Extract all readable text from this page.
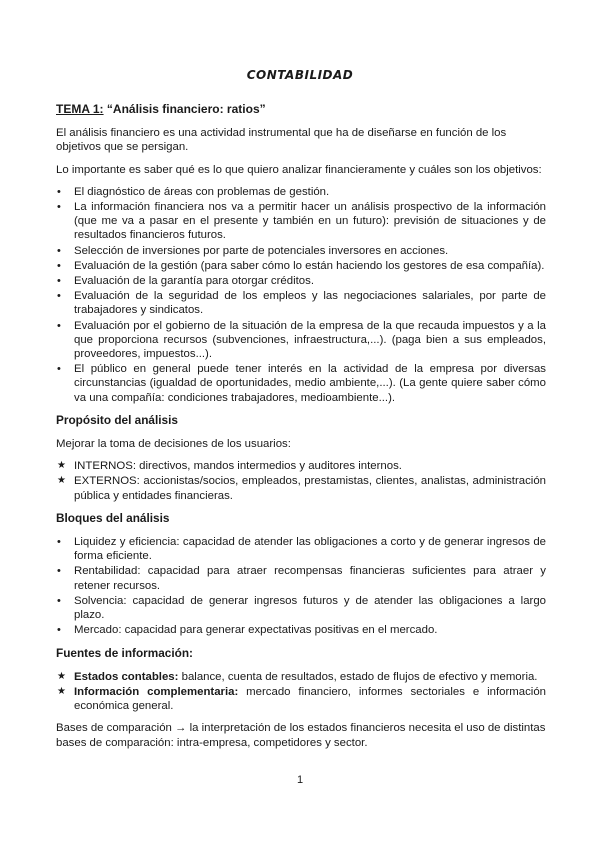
CONTABILIDAD
TEMA 1: “Análisis financiero: ratios”

El análisis financiero es una actividad instrumental que ha de diseñarse en función de los objetivos que se persigan.

Lo importante es saber qué es lo que quiero analizar financieramente y cuáles son los objetivos:

• El diagnóstico de áreas con problemas de gestión.
• La información financiera nos va a permitir hacer un análisis prospectivo de la información (que me va a pasar en el presente y también en un futuro): previsión de situaciones y de resultados financieros futuros.
• Selección de inversiones por parte de potenciales inversores en acciones.
• Evaluación de la gestión (para saber cómo lo están haciendo los gestores de esa compañía).
• Evaluación de la garantía para otorgar créditos.
• Evaluación de la seguridad de los empleos y las negociaciones salariales, por parte de trabajadores y sindicatos.
• Evaluación por el gobierno de la situación de la empresa de la que recauda impuestos y a la que proporciona recursos (subvenciones, infraestructura,...). (paga bien a sus empleados, proveedores, impuestos...).
• El público en general puede tener interés en la actividad de la empresa por diversas circunstancias (igualdad de oportunidades, medio ambiente,...). (La gente quiere saber cómo va una compañía: condiciones trabajadores, medioambiente...).
Propósito del análisis

Mejorar la toma de decisiones de los usuarios:

★ INTERNOS: directivos, mandos intermedios y auditores internos.
★ EXTERNOS: accionistas/socios, empleados, prestamistas, clientes, analistas, administración pública y entidades financieras.
Bloques del análisis
• Liquidez y eficiencia: capacidad de atender las obligaciones a corto y de generar ingresos de forma eficiente.
• Rentabilidad: capacidad para atraer recompensas financieras suficientes para atraer y retener recursos.
• Solvencia: capacidad de generar ingresos futuros y de atender las obligaciones a largo plazo.
• Mercado: capacidad para generar expectativas positivas en el mercado.
Fuentes de información:
★ Estados contables: balance, cuenta de resultados, estado de flujos de efectivo y memoria.
★ Información complementaria: mercado financiero, informes sectoriales e información económica general.

Bases de comparación → la interpretación de los estados financieros necesita el uso de distintas bases de comparación: intra-empresa, competidores y sector.

1
